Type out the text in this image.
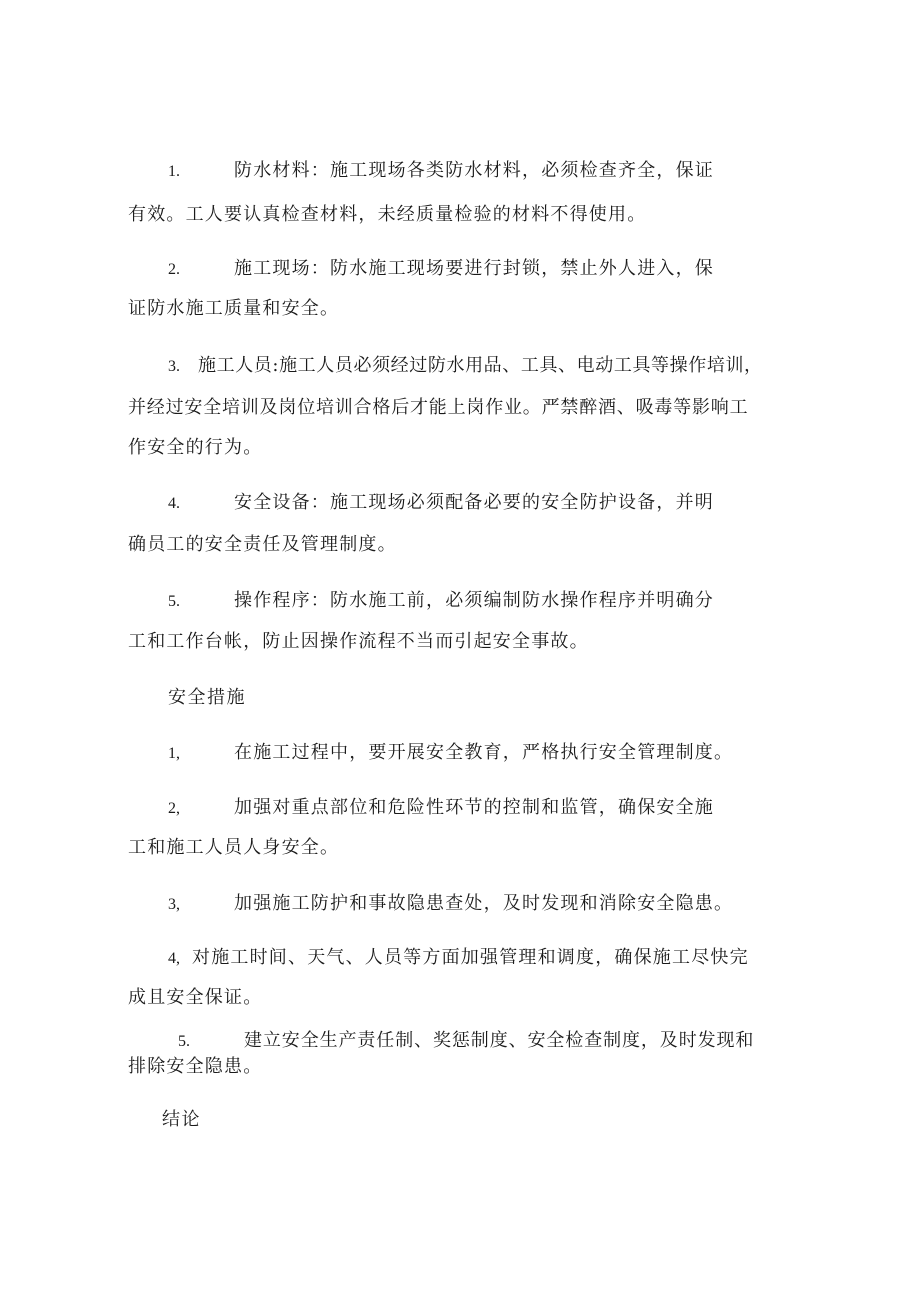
1.	防水材料：施工现场各类防水材料，必须检查齐全，保证
有效。工人要认真检查材料，未经质量检验的材料不得使用。
2.	施工现场：防水施工现场要进行封锁，禁止外人进入，保
证防水施工质量和安全。
3. 施工人员:施工人员必须经过防水用品、工具、电动工具等操作培训，
并经过安全培训及岗位培训合格后才能上岗作业。严禁醉酒、吸毒等影响工
作安全的行为。
4.	安全设备：施工现场必须配备必要的安全防护设备，并明
确员工的安全责任及管理制度。
5.	操作程序：防水施工前，必须编制防水操作程序并明确分
工和工作台帐，防止因操作流程不当而引起安全事故。
安全措施
1,	在施工过程中，要开展安全教育，严格执行安全管理制度。
2,	加强对重点部位和危险性环节的控制和监管，确保安全施
工和施工人员人身安全。
3,	加强施工防护和事故隐患查处，及时发现和消除安全隐患。
4, 对施工时间、天气、人员等方面加强管理和调度，确保施工尽快完
成且安全保证。
5.	建立安全生产责任制、奖惩制度、安全检查制度，及时发现和
排除安全隐患。
结论
